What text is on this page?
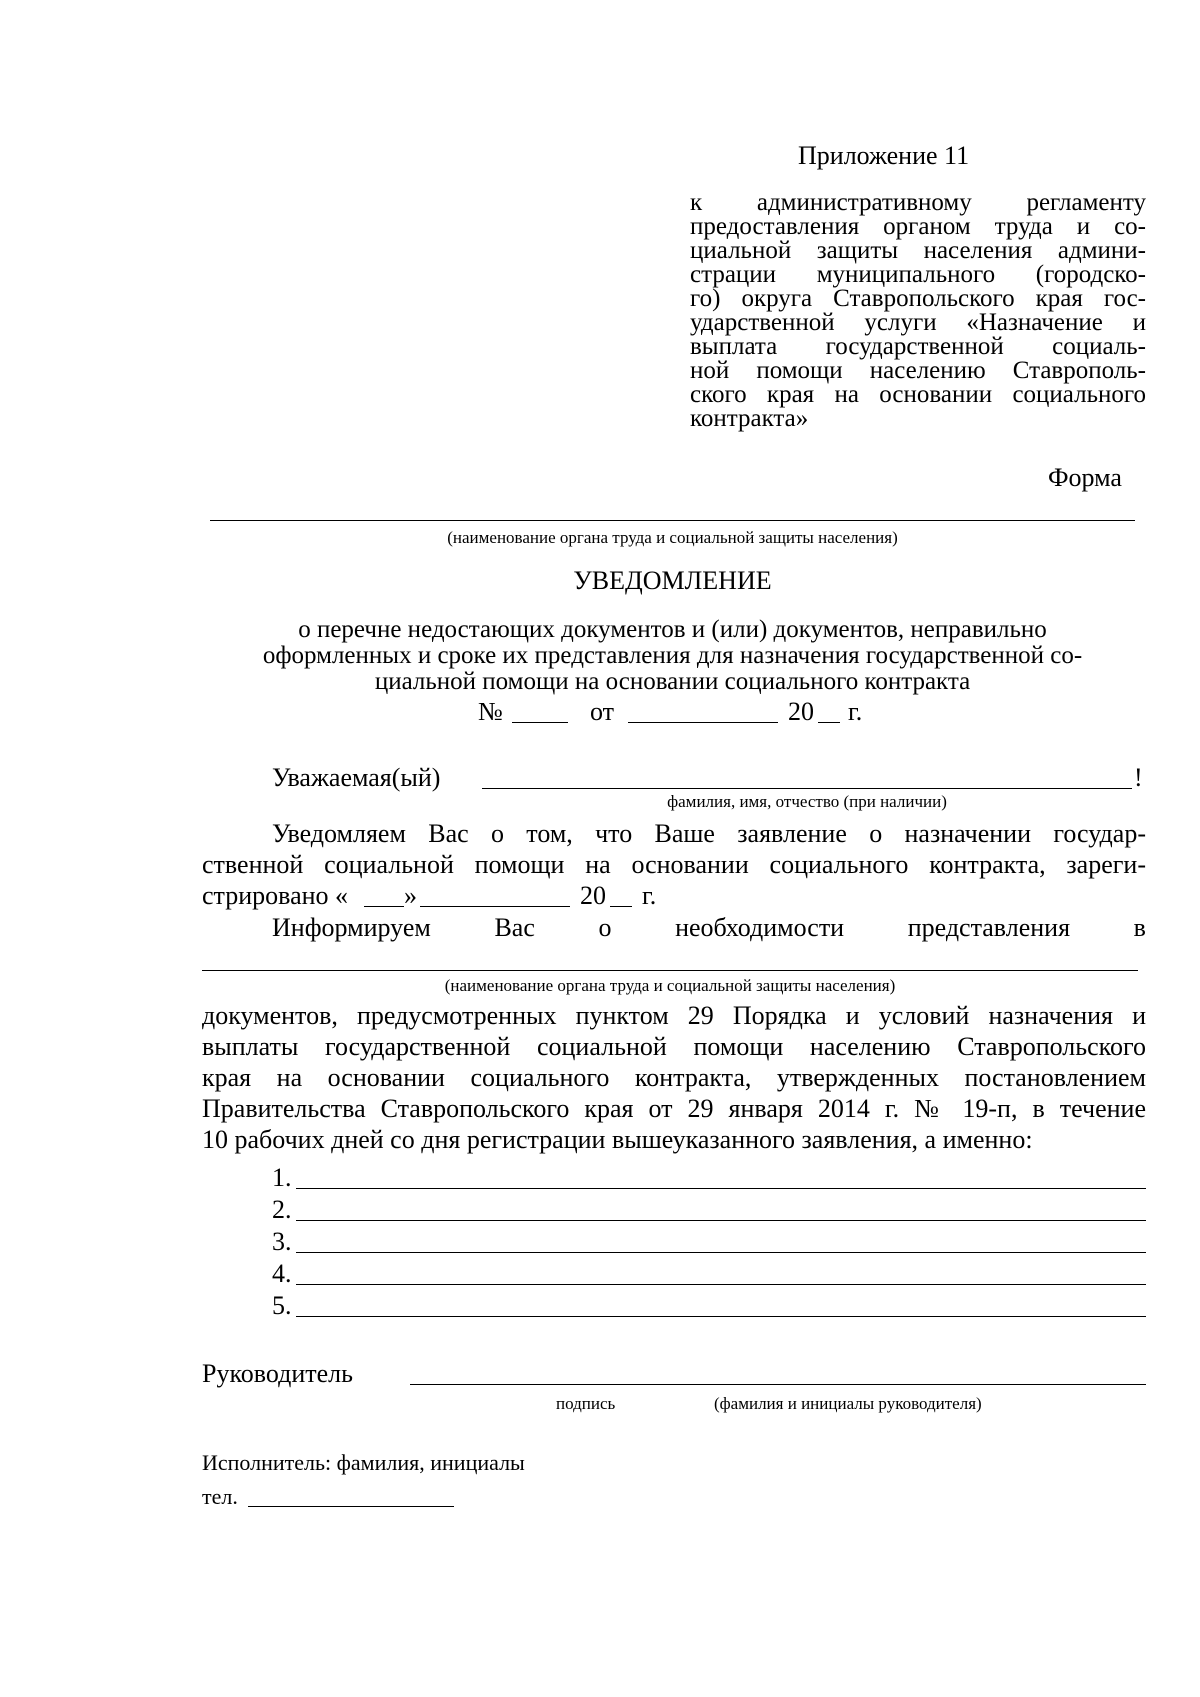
Приложение 11
к административному регламенту
предоставления органом труда и со-
циальной защиты населения админи-
страции муниципального (городско-
го) округа Ставропольского края гос-
ударственной услуги «Назначение и
выплата государственной социаль-
ной помощи населению Ставрополь-
ского края на основании социального
контракта»
Форма
(наименование органа труда и социальной защиты населения)
УВЕДОМЛЕНИЕ
о перечне недостающих документов и (или) документов, неправильно
оформленных и сроке их представления для назначения государственной со-
циальной помощи на основании социального контракта
№	от	20 г.
Уважаемая(ый)	!
фамилия, имя, отчество (при наличии)
Уведомляем Вас о том, что Ваше заявление о назначении государ-
ственной социальной помощи на основании социального контракта, зареги-
стрировано « »	20 г.
Информируем Вас о необходимости представления в
(наименование органа труда и социальной защиты населения)
документов, предусмотренных пунктом 29 Порядка и условий назначения и
выплаты государственной социальной помощи населению Ставропольского
края на основании социального контракта, утвержденных постановлением
Правительства Ставропольского края от 29 января 2014 г. № 19-п, в течение
10 рабочих дней со дня регистрации вышеуказанного заявления, а именно:
1.
2.
3.
4.
5.
Руководитель
подпись	(фамилия и инициалы руководителя)
Исполнитель: фамилия, инициалы
тел.
